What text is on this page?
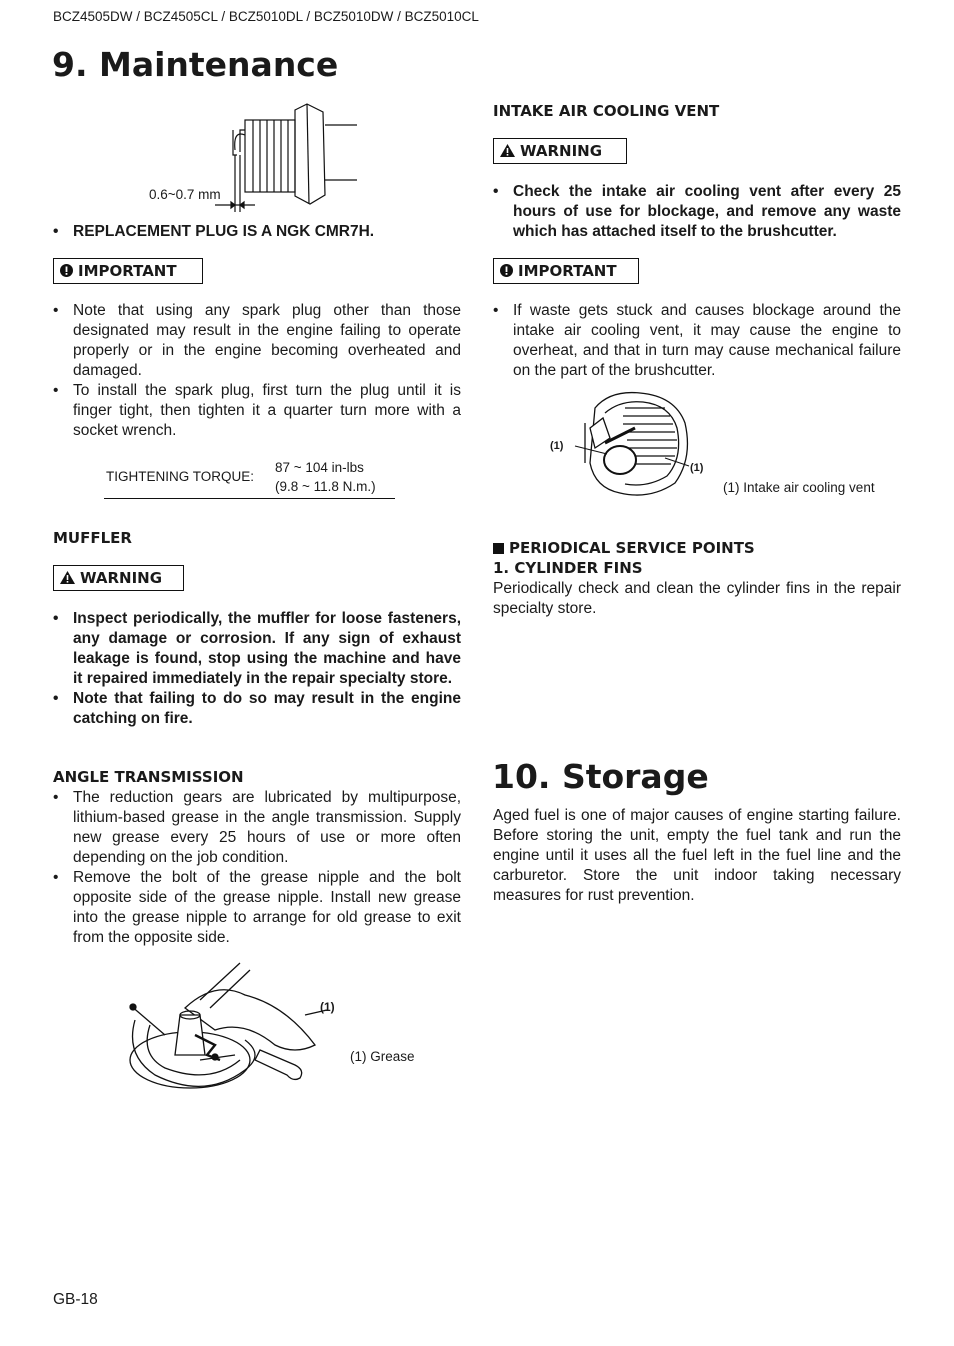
BCZ4505DW / BCZ4505CL / BCZ5010DL / BCZ5010DW / BCZ5010CL
9. Maintenance
0.6~0.7 mm
• REPLACEMENT PLUG IS A NGK CMR7H.
IMPORTANT
• Note that using any spark plug other than those designated may result in the engine failing to operate properly or in the engine becoming overheated and damaged.
• To install the spark plug, first turn the plug until it is finger tight, then tighten it a quarter turn more with a socket wrench.
TIGHTENING TORQUE:
87 ~ 104 in-lbs
(9.8 ~ 11.8 N.m.)
MUFFLER
WARNING
• Inspect periodically, the muffler for loose fasteners, any damage or corrosion. If any sign of exhaust leakage is found, stop using the machine and have it repaired immediately in the repair specialty store.
• Note that failing to do so may result in the engine catching on fire.
ANGLE TRANSMISSION
• The reduction gears are lubricated by multipurpose, lithium-based grease in the angle transmission. Supply new grease every 25 hours of use or more often depending on the job condition.
• Remove the bolt of the grease nipple and the bolt opposite side of the grease nipple. Install new grease into the grease nipple to arrange for old grease to exit from the opposite side.
(1)
(1) Grease
INTAKE AIR COOLING VENT
WARNING
• Check the intake air cooling vent after every 25 hours of use for blockage, and remove any waste which has attached itself to the brushcutter.
IMPORTANT
• If waste gets stuck and causes blockage around the intake air cooling vent, it may cause the engine to overheat, and that in turn may cause mechanical failure on the part of the brushcutter.
(1)
(1)
(1) Intake air cooling vent
PERIODICAL SERVICE POINTS
1. CYLINDER FINS
Periodically check and clean the cylinder fins in the repair specialty store.
10. Storage
Aged fuel is one of major causes of engine starting failure. Before storing the unit, empty the fuel tank and run the engine until it uses all the fuel left in the fuel line and the carburetor. Store the unit indoor taking necessary measures for rust prevention.
GB-18
